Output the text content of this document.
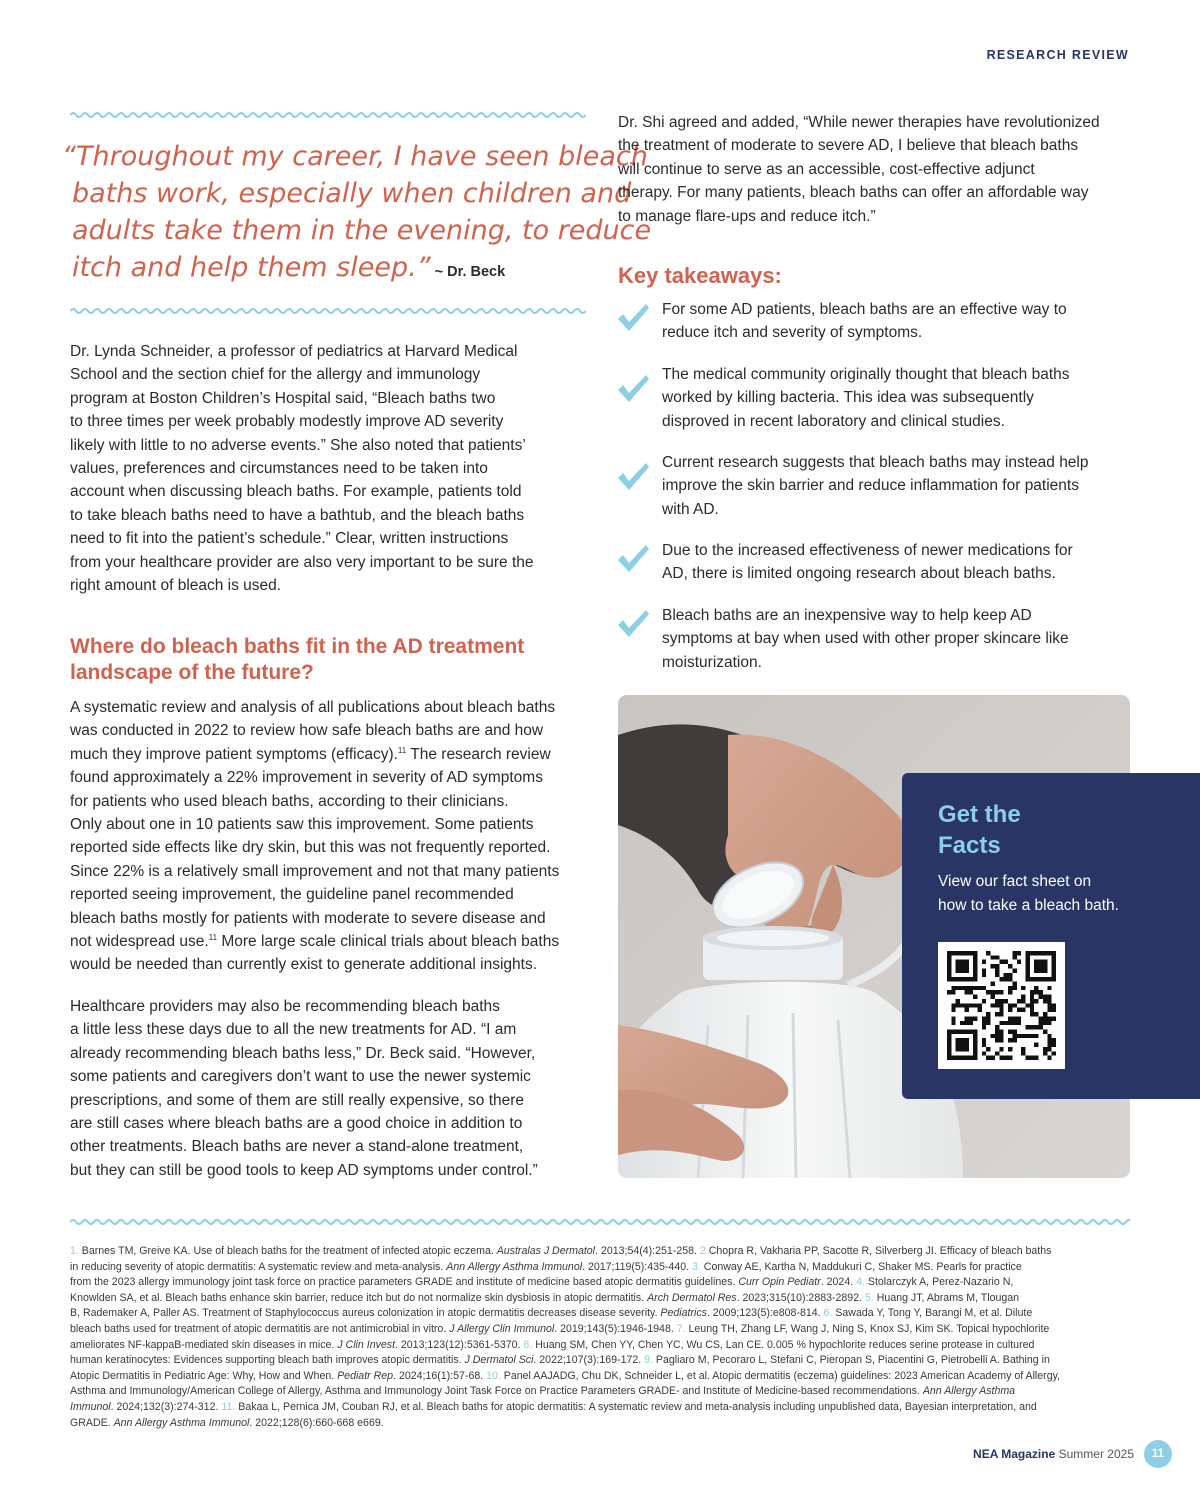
RESEARCH REVIEW
“Throughout my career, I have seen bleach
baths work, especially when children and
adults take them in the evening, to reduce
itch and help them sleep.” ~ Dr. Beck
Dr. Lynda Schneider, a professor of pediatrics at Harvard Medical
School and the section chief for the allergy and immunology
program at Boston Children’s Hospital said, “Bleach baths two
to three times per week probably modestly improve AD severity
likely with little to no adverse events.” She also noted that patients’
values, preferences and circumstances need to be taken into
account when discussing bleach baths. For example, patients told
to take bleach baths need to have a bathtub, and the bleach baths
need to fit into the patient’s schedule.” Clear, written instructions
from your healthcare provider are also very important to be sure the
right amount of bleach is used.
Where do bleach baths fit in the AD treatment
landscape of the future?
A systematic review and analysis of all publications about bleach baths
was conducted in 2022 to review how safe bleach baths are and how
much they improve patient symptoms (efficacy).$^{11}$ The research review
found approximately a 22% improvement in severity of AD symptoms
for patients who used bleach baths, according to their clinicians.
Only about one in 10 patients saw this improvement. Some patients
reported side effects like dry skin, but this was not frequently reported.
Since 22% is a relatively small improvement and not that many patients
reported seeing improvement, the guideline panel recommended
bleach baths mostly for patients with moderate to severe disease and
not widespread use.$^{11}$ More large scale clinical trials about bleach baths
would be needed than currently exist to generate additional insights.
Healthcare providers may also be recommending bleach baths
a little less these days due to all the new treatments for AD. “I am
already recommending bleach baths less,” Dr. Beck said. “However,
some patients and caregivers don’t want to use the newer systemic
prescriptions, and some of them are still really expensive, so there
are still cases where bleach baths are a good choice in addition to
other treatments. Bleach baths are never a stand-alone treatment,
but they can still be good tools to keep AD symptoms under control.”
Dr. Shi agreed and added, “While newer therapies have revolutionized
the treatment of moderate to severe AD, I believe that bleach baths
will continue to serve as an accessible, cost-effective adjunct
therapy. For many patients, bleach baths can offer an affordable way
to manage flare-ups and reduce itch.”
Key takeaways:
For some AD patients, bleach baths are an effective way to
reduce itch and severity of symptoms.
The medical community originally thought that bleach baths
worked by killing bacteria. This idea was subsequently
disproved in recent laboratory and clinical studies.
Current research suggests that bleach baths may instead help
improve the skin barrier and reduce inflammation for patients
with AD.
Due to the increased effectiveness of newer medications for
AD, there is limited ongoing research about bleach baths.
Bleach baths are an inexpensive way to help keep AD
symptoms at bay when used with other proper skincare like
moisturization.
Get the
Facts
View our fact sheet on
how to take a bleach bath.
1. Barnes TM, Greive KA. Use of bleach baths for the treatment of infected atopic eczema. Australas J Dermatol. 2013;54(4):251-258. 2.Chopra R, Vakharia PP, Sacotte R, Silverberg JI. Efficacy of bleach baths
in reducing severity of atopic dermatitis: A systematic review and meta-analysis. Ann Allergy Asthma Immunol. 2017;119(5):435-440. 3. Conway AE, Kartha N, Maddukuri C, Shaker MS. Pearls for practice
from the 2023 allergy immunology joint task force on practice parameters GRADE and institute of medicine based atopic dermatitis guidelines. Curr Opin Pediatr. 2024. 4. Stolarczyk A, Perez-Nazario N,
Knowlden SA, et al. Bleach baths enhance skin barrier, reduce itch but do not normalize skin dysbiosis in atopic dermatitis. Arch Dermatol Res. 2023;315(10):2883-2892. 5. Huang JT, Abrams M, Tlougan
B, Rademaker A, Paller AS. Treatment of Staphylococcus aureus colonization in atopic dermatitis decreases disease severity. Pediatrics. 2009;123(5):e808-814. 6. Sawada Y, Tong Y, Barangi M, et al. Dilute
bleach baths used for treatment of atopic dermatitis are not antimicrobial in vitro. J Allergy Clin Immunol. 2019;143(5):1946-1948. 7. Leung TH, Zhang LF, Wang J, Ning S, Knox SJ, Kim SK. Topical hypochlorite
ameliorates NF-kappaB-mediated skin diseases in mice. J Clin Invest. 2013;123(12):5361-5370. 8. Huang SM, Chen YY, Chen YC, Wu CS, Lan CE. 0.005 % hypochlorite reduces serine protease in cultured
human keratinocytes: Evidences supporting bleach bath improves atopic dermatitis. J Dermatol Sci. 2022;107(3):169-172. 9. Pagliaro M, Pecoraro L, Stefani C, Pieropan S, Piacentini G, Pietrobelli A. Bathing in
Atopic Dermatitis in Pediatric Age: Why, How and When. Pediatr Rep. 2024;16(1):57-68. 10. Panel AAJADG, Chu DK, Schneider L, et al. Atopic dermatitis (eczema) guidelines: 2023 American Academy of Allergy,
Asthma and Immunology/American College of Allergy, Asthma and Immunology Joint Task Force on Practice Parameters GRADE- and Institute of Medicine-based recommendations. Ann Allergy Asthma
Immunol. 2024;132(3):274-312. 11. Bakaa L, Pernica JM, Couban RJ, et al. Bleach baths for atopic dermatitis: A systematic review and meta-analysis including unpublished data, Bayesian interpretation, and
GRADE. Ann Allergy Asthma Immunol. 2022;128(6):660-668 e669.
NEA Magazine Summer 2025	11
